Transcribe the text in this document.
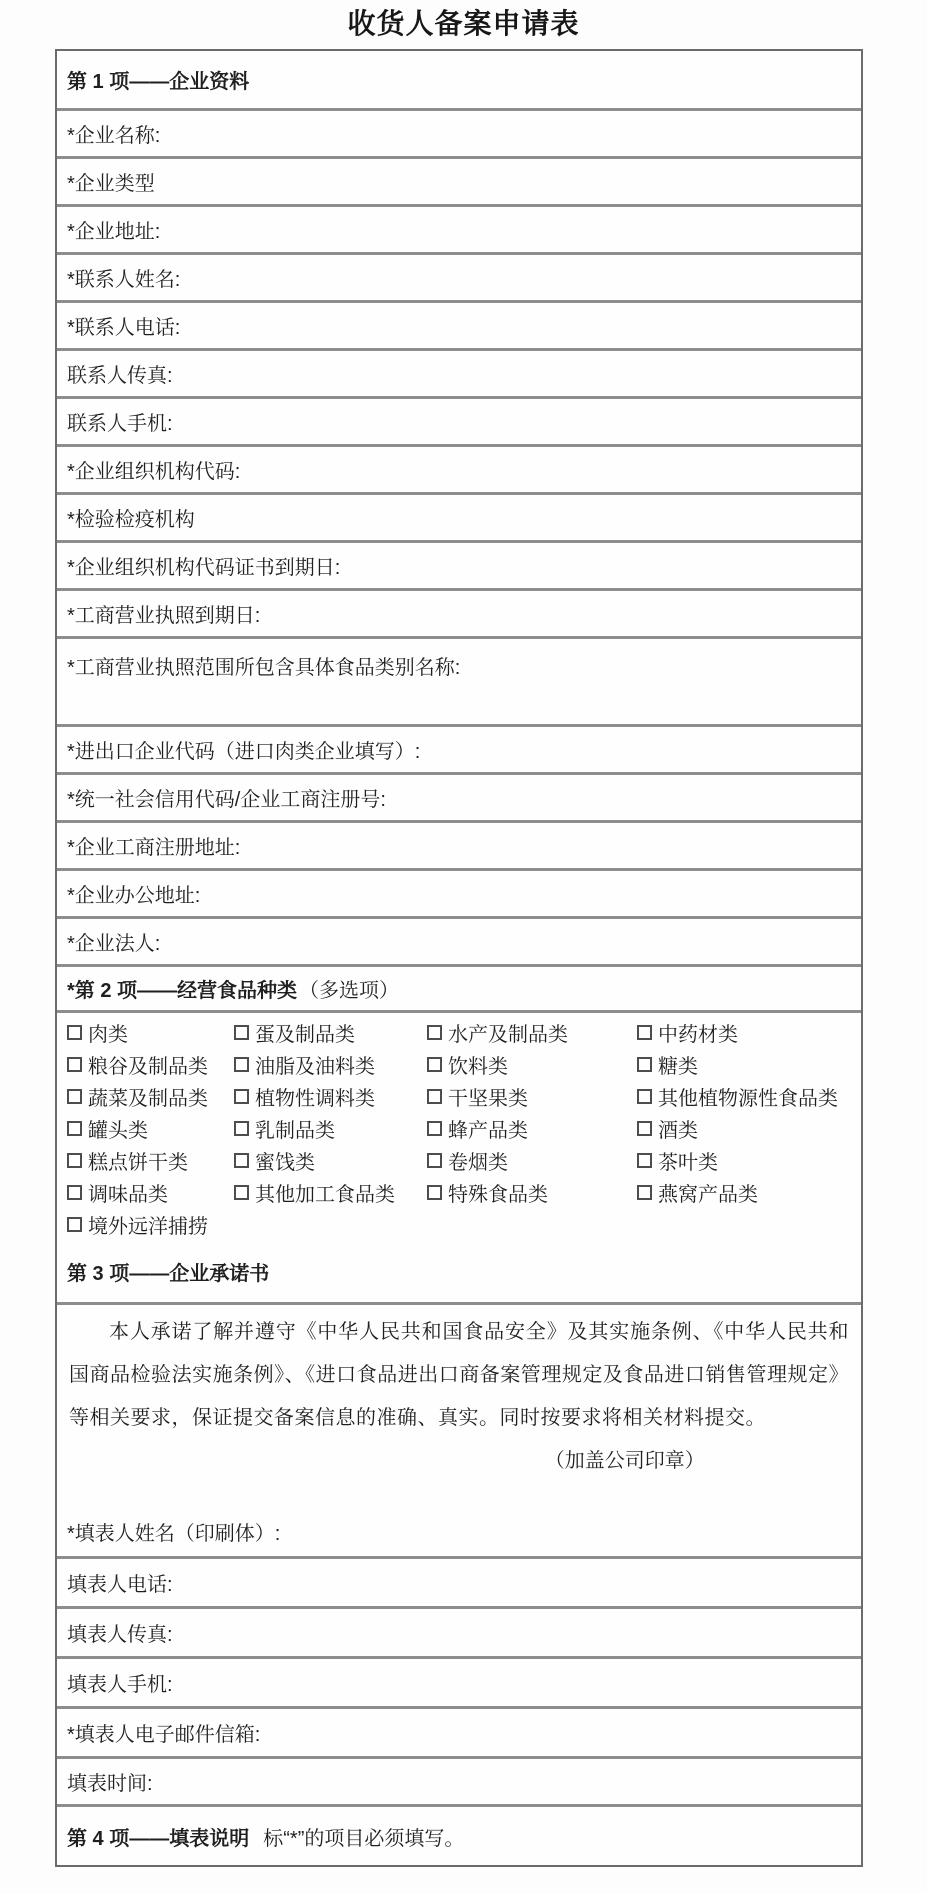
收货人备案申请表
第 1 项——企业资料
*企业名称:
*企业类型
*企业地址:
*联系人姓名:
*联系人电话:
联系人传真:
联系人手机:
*企业组织机构代码:
*检验检疫机构
*企业组织机构代码证书到期日:
*工商营业执照到期日:
*工商营业执照范围所包含具体食品类别名称:
*进出口企业代码（进口肉类企业填写）:
*统一社会信用代码/企业工商注册号:
*企业工商注册地址:
*企业办公地址:
*企业法人:
*第 2 项——经营食品种类 （多选项）
肉类	蛋及制品类	水产及制品类	中药材类
粮谷及制品类 油脂及油料类	饮料类	糖类
蔬菜及制品类 植物性调料类	干坚果类	其他植物源性食品类
罐头类	乳制品类	蜂产品类	酒类
糕点饼干类	蜜饯类	卷烟类	茶叶类
调味品类	其他加工食品类	特殊食品类	燕窝产品类
境外远洋捕捞
第 3 项——企业承诺书

本人承诺了解并遵守《中华人民共和国食品安全》及其实施条例、《中华人民共和国商品检验法实施条例》、《进口食品进出口商备案管理规定及食品进口销售管理规定》等相关要求，保证提交备案信息的准确、真实。同时按要求将相关材料提交。

（加盖公司印章）
*填表人姓名（印刷体）:
填表人电话:
填表人传真:
填表人手机:
*填表人电子邮件信箱:
填表时间:
第 4 项——填表说明 标“*”的项目必须填写。
